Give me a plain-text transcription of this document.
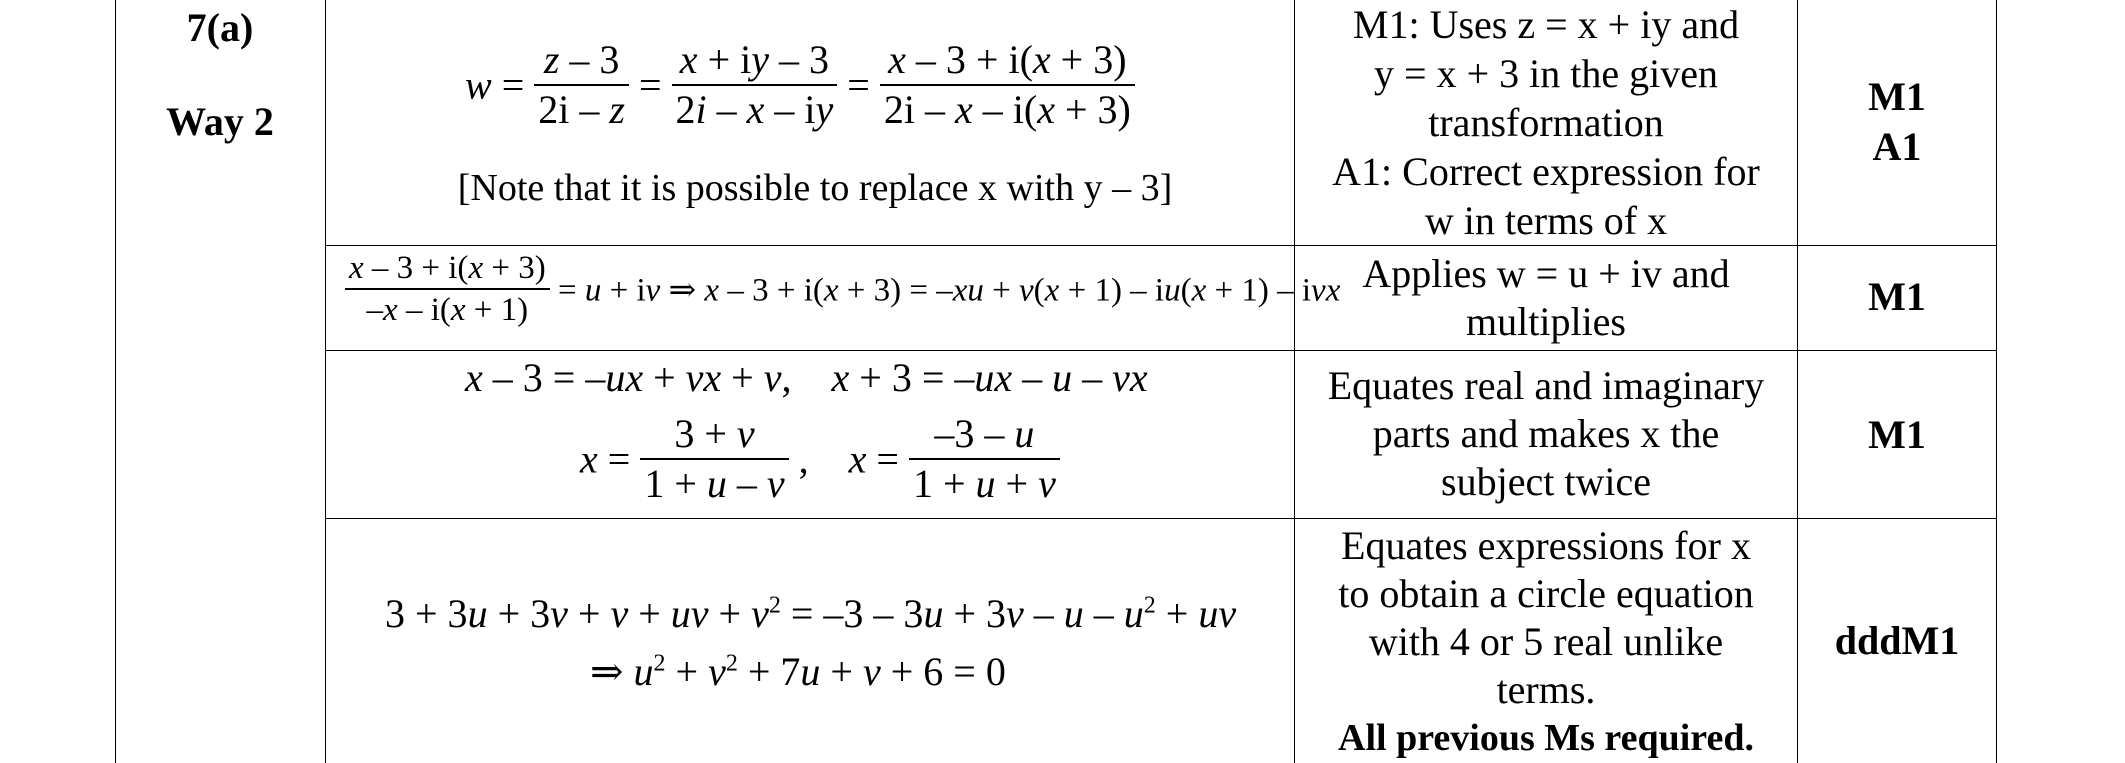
7(a)
Way 2
$w = \frac{z - 3}{2i - z} = \frac{x + iy - 3}{2i - x - iy} = \frac{x - 3 + i(x + 3)}{2i - x - i(x + 3)}$
[Note that it is possible to replace x with y – 3]
M1: Uses z = x + iy and
y = x + 3 in the given
transformation
A1: Correct expression for
w in terms of x
M1
A1
$\frac{x - 3 + i(x + 3)}{-x - i(x + 1)} = u$ + iv ⇒ x – 3 + i(x + 3) = –xu + v(x + 1) – iu(x + 1) – ivx Applies w = u + iv and
multiplies
M1
x – 3 = –ux + vx + v,    x + 3 = –ux – u – vx
$x = \frac{3 + v}{1 + u - v}$ ,    $x = \frac{-3 - u}{1 + u + v}$
Equates real and imaginary
parts and makes x the
subject twice
M1
3 + 3u + 3v + v + uv + $v^2 = -3 - 3u + 3v - u - u^2$ + uv
⇒ $u^2 + v^2 + 7u + v + 6 = 0$
Equates expressions for x
to obtain a circle equation
with 4 or 5 real unlike
terms.
All previous Ms required.
dddM1
